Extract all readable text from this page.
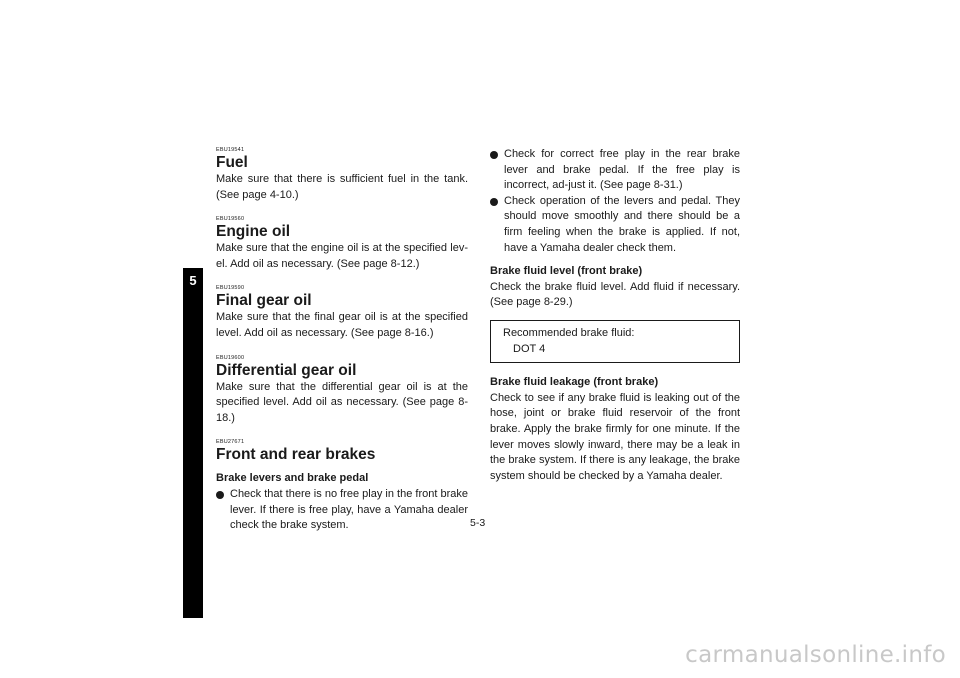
5
EBU19541
Fuel

Make sure that there is sufficient fuel in the tank. (See page 4-10.)

EBU19560
Engine oil

Make sure that the engine oil is at the specified lev-el. Add oil as necessary. (See page 8-12.)

EBU19590
Final gear oil

Make sure that the final gear oil is at the specified level. Add oil as necessary. (See page 8-16.)

EBU19600
Differential gear oil

Make sure that the differential gear oil is at the specified level. Add oil as necessary. (See page 8-18.)

EBU27671
Front and rear brakes
Brake levers and brake pedal
Check that there is no free play in the front brake lever. If there is free play, have a Yamaha dealer check the brake system.
Check for correct free play in the rear brake lever and brake pedal. If the free play is incorrect, ad-just it. (See page 8-31.)
Check operation of the levers and pedal. They should move smoothly and there should be a firm feeling when the brake is applied. If not, have a Yamaha dealer check them.
Brake fluid level (front brake)

Check the brake fluid level. Add fluid if necessary. (See page 8-29.)

Recommended brake fluid:
DOT 4
Brake fluid leakage (front brake)

Check to see if any brake fluid is leaking out of the hose, joint or brake fluid reservoir of the front brake. Apply the brake firmly for one minute. If the lever moves slowly inward, there may be a leak in the brake system. If there is any leakage, the brake system should be checked by a Yamaha dealer.

5-3
carmanualsonline.info
